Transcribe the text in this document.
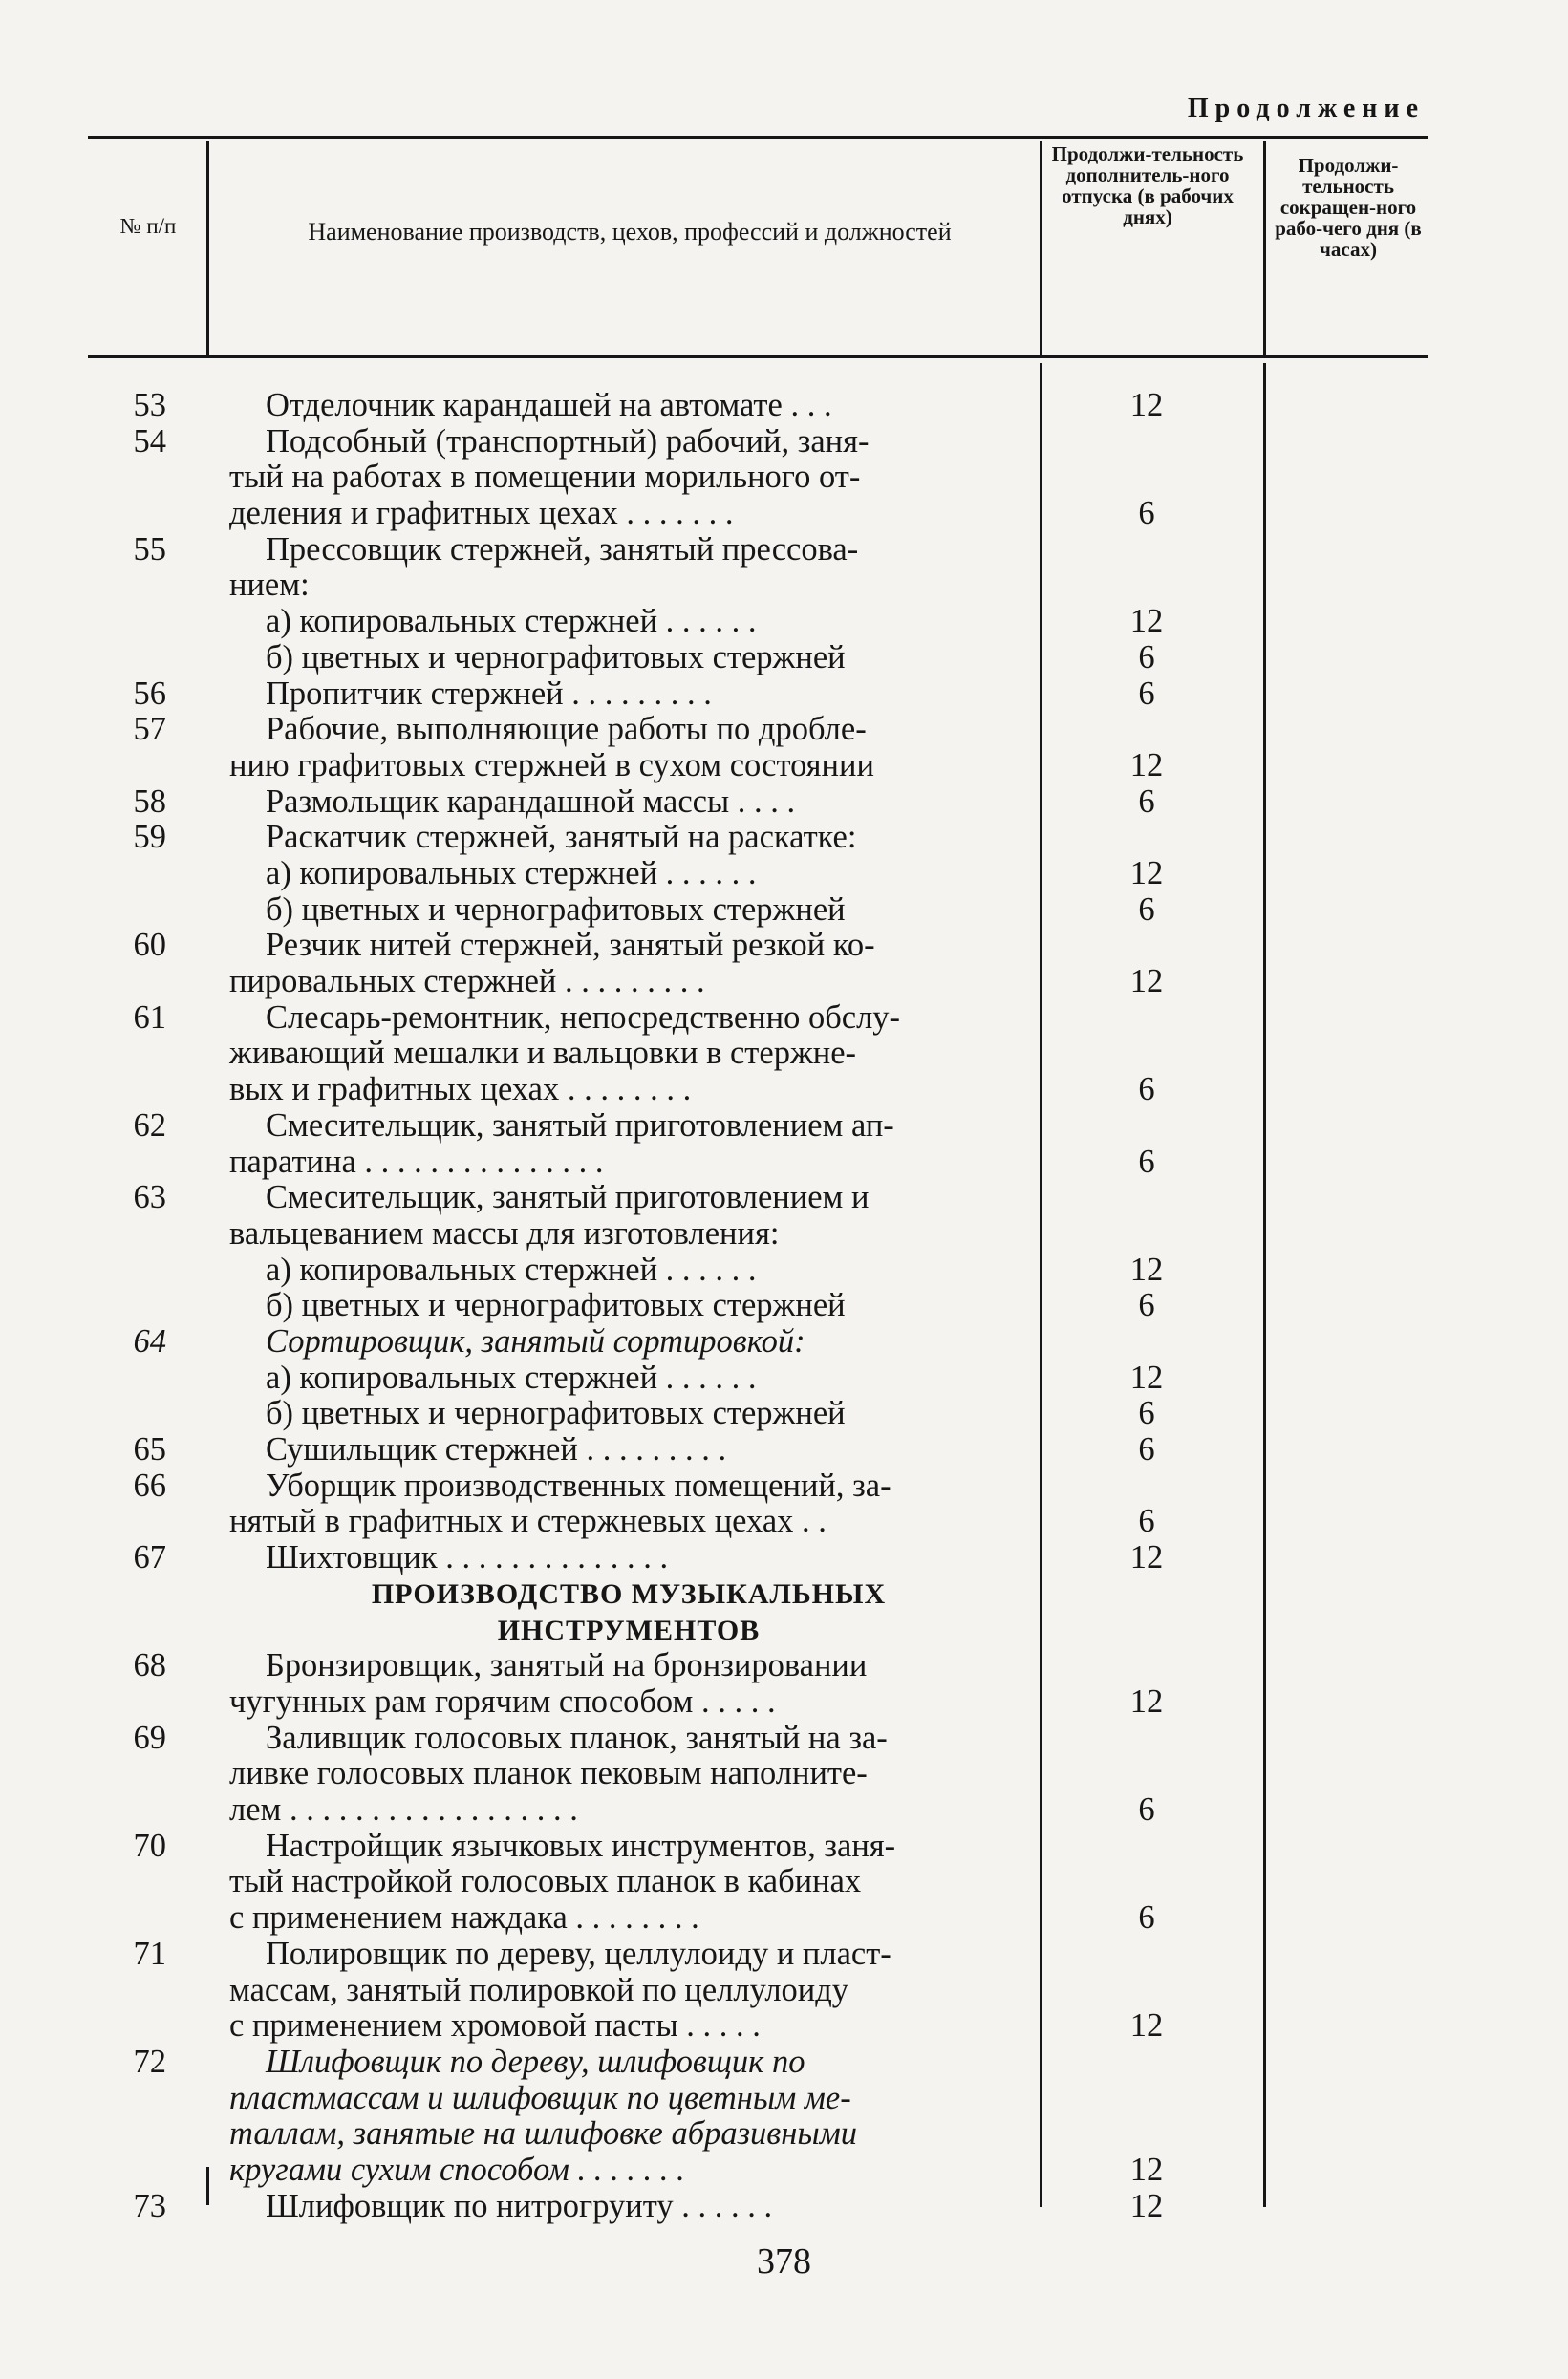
Продолжение
№ п/п	Наименование производств, цехов, профессий и должностей
Продолжи-тельность дополнитель-ного отпуска (в рабочих днях)
Продолжи-тельность сокращен-ного рабо-чего дня (в часах)
53	Отделочник карандашей на автомате . . .	12
54	Подсобный (транспортный) рабочий, заня-
тый на работах в помещении морильного от-
деления и графитных цехах . . . . . . .	6
55	Прессовщик стержней, занятый прессова-
нием:
а) копировальных стержней . . . . . .	12
б) цветных и чернографитовых стержней	6
56	Пропитчик стержней . . . . . . . . .	6
57	Рабочие, выполняющие работы по дробле-
нию графитовых стержней в сухом состоянии	12
58	Размольщик карандашной массы . . . .	6
59	Раскатчик стержней, занятый на раскатке:
а) копировальных стержней . . . . . .	12
б) цветных и чернографитовых стержней	6
60	Резчик нитей стержней, занятый резкой ко-
пировальных стержней . . . . . . . . .	12
61	Слесарь-ремонтник, непосредственно обслу-
живающий мешалки и вальцовки в стержне-
вых и графитных цехах . . . . . . . .	6
62	Смесительщик, занятый приготовлением ап-
паратина . . . . . . . . . . . . . . .	6
63	Смесительщик, занятый приготовлением и
вальцеванием массы для изготовления:
а) копировальных стержней . . . . . .	12
б) цветных и чернографитовых стержней	6
64	Сортировщик, занятый сортировкой:
а) копировальных стержней . . . . . .	12
б) цветных и чернографитовых стержней	6
65	Сушильщик стержней . . . . . . . . .	6
66	Уборщик производственных помещений, за-
нятый в графитных и стержневых цехах . .	6
67	Шихтовщик . . . . . . . . . . . . . .	12
ПРОИЗВОДСТВО МУЗЫКАЛЬНЫХ
ИНСТРУМЕНТОВ
68	Бронзировщик, занятый на бронзировании
чугунных рам горячим способом . . . . .	12
69	Заливщик голосовых планок, занятый на за-
ливке голосовых планок пековым наполните-
лем . . . . . . . . . . . . . . . . . .	6
70	Настройщик язычковых инструментов, заня-
тый настройкой голосовых планок в кабинах
с применением наждака . . . . . . . .	6
71	Полировщик по дереву, целлулоиду и пласт-
массам, занятый полировкой по целлулоиду
с применением хромовой пасты . . . . .	12
72	Шлифовщик по дереву, шлифовщик по
пластмассам и шлифовщик по цветным ме-
таллам, занятые на шлифовке абразивными
кругами сухим способом . . . . . . .	12
73	Шлифовщик по нитрогруиту . . . . . .	12
378
